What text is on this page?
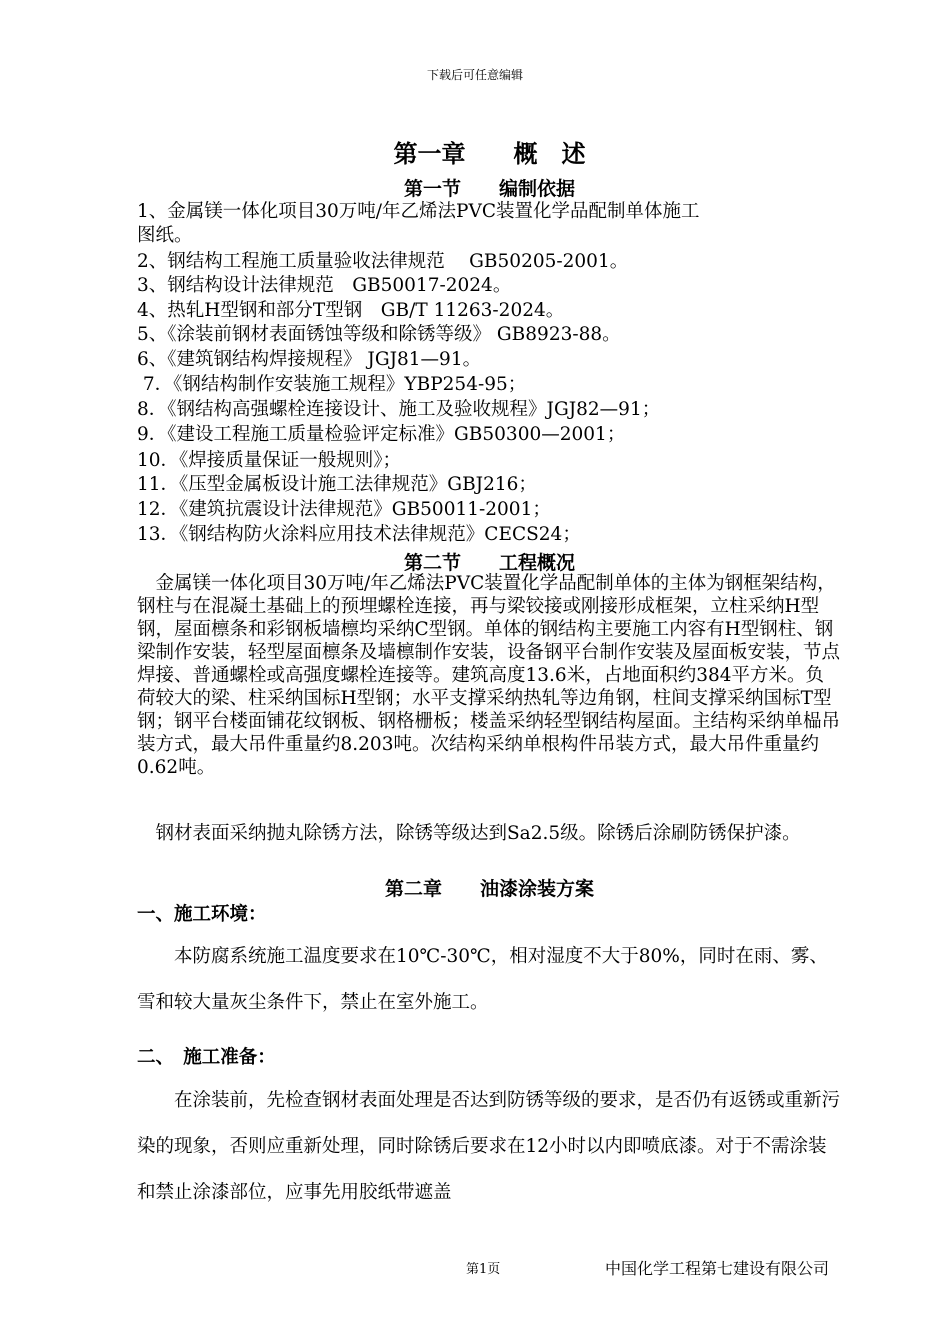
下载后可任意编辑
第一章　　概　述
第一节　　编制依据
1、金属镁一体化项目30万吨/年乙烯法PVC装置化学品配制单体施工
图纸。
2、钢结构工程施工质量验收法律规范　 GB50205-2001。
3、钢结构设计法律规范　GB50017-2024。
4、热轧H型钢和部分T型钢　GB/T 11263-2024。
5、《涂装前钢材表面锈蚀等级和除锈等级》 GB8923-88。
6、《建筑钢结构焊接规程》 JGJ81—91。
7．《钢结构制作安装施工规程》YBP254-95；
8．《钢结构高强螺栓连接设计、施工及验收规程》JGJ82—91；
9．《建设工程施工质量检验评定标准》GB50300—2001；
10．《焊接质量保证一般规则》；
11．《压型金属板设计施工法律规范》GBJ216；
12．《建筑抗震设计法律规范》GB50011-2001；
13．《钢结构防火涂料应用技术法律规范》CECS24；
第二节　　工程概况

　金属镁一体化项目30万吨/年乙烯法PVC装置化学品配制单体的主体为钢框架结构，钢柱与在混凝土基础上的预埋螺栓连接，再与梁铰接或刚接形成框架，立柱采纳H型钢，屋面檩条和彩钢板墙檩均采纳C型钢。单体的钢结构主要施工内容有H型钢柱、钢梁制作安装，轻型屋面檩条及墙檩制作安装，设备钢平台制作安装及屋面板安装，节点焊接、普通螺栓或高强度螺栓连接等。建筑高度13.6米，占地面积约384平方米。负荷较大的梁、柱采纳国标H型钢；水平支撑采纳热轧等边角钢，柱间支撑采纳国标T型钢；钢平台楼面铺花纹钢板、钢格栅板；楼盖采纳轻型钢结构屋面。主结构采纳单榀吊装方式，最大吊件重量约8.203吨。次结构采纳单根构件吊装方式，最大吊件重量约0.62吨。

　钢材表面采纳抛丸除锈方法，除锈等级达到Sa2.5级。除锈后涂刷防锈保护漆。

第二章　　油漆涂装方案
一、施工环境：

　　本防腐系统施工温度要求在10℃-30℃，相对湿度不大于80%，同时在雨、雾、雪和较大量灰尘条件下，禁止在室外施工。

二、　施工准备：

　　在涂装前，先检查钢材表面处理是否达到防锈等级的要求，是否仍有返锈或重新污染的现象，否则应重新处理，同时除锈后要求在12小时以内即喷底漆。对于不需涂装和禁止涂漆部位，应事先用胶纸带遮盖

第1页	中国化学工程第七建设有限公司
